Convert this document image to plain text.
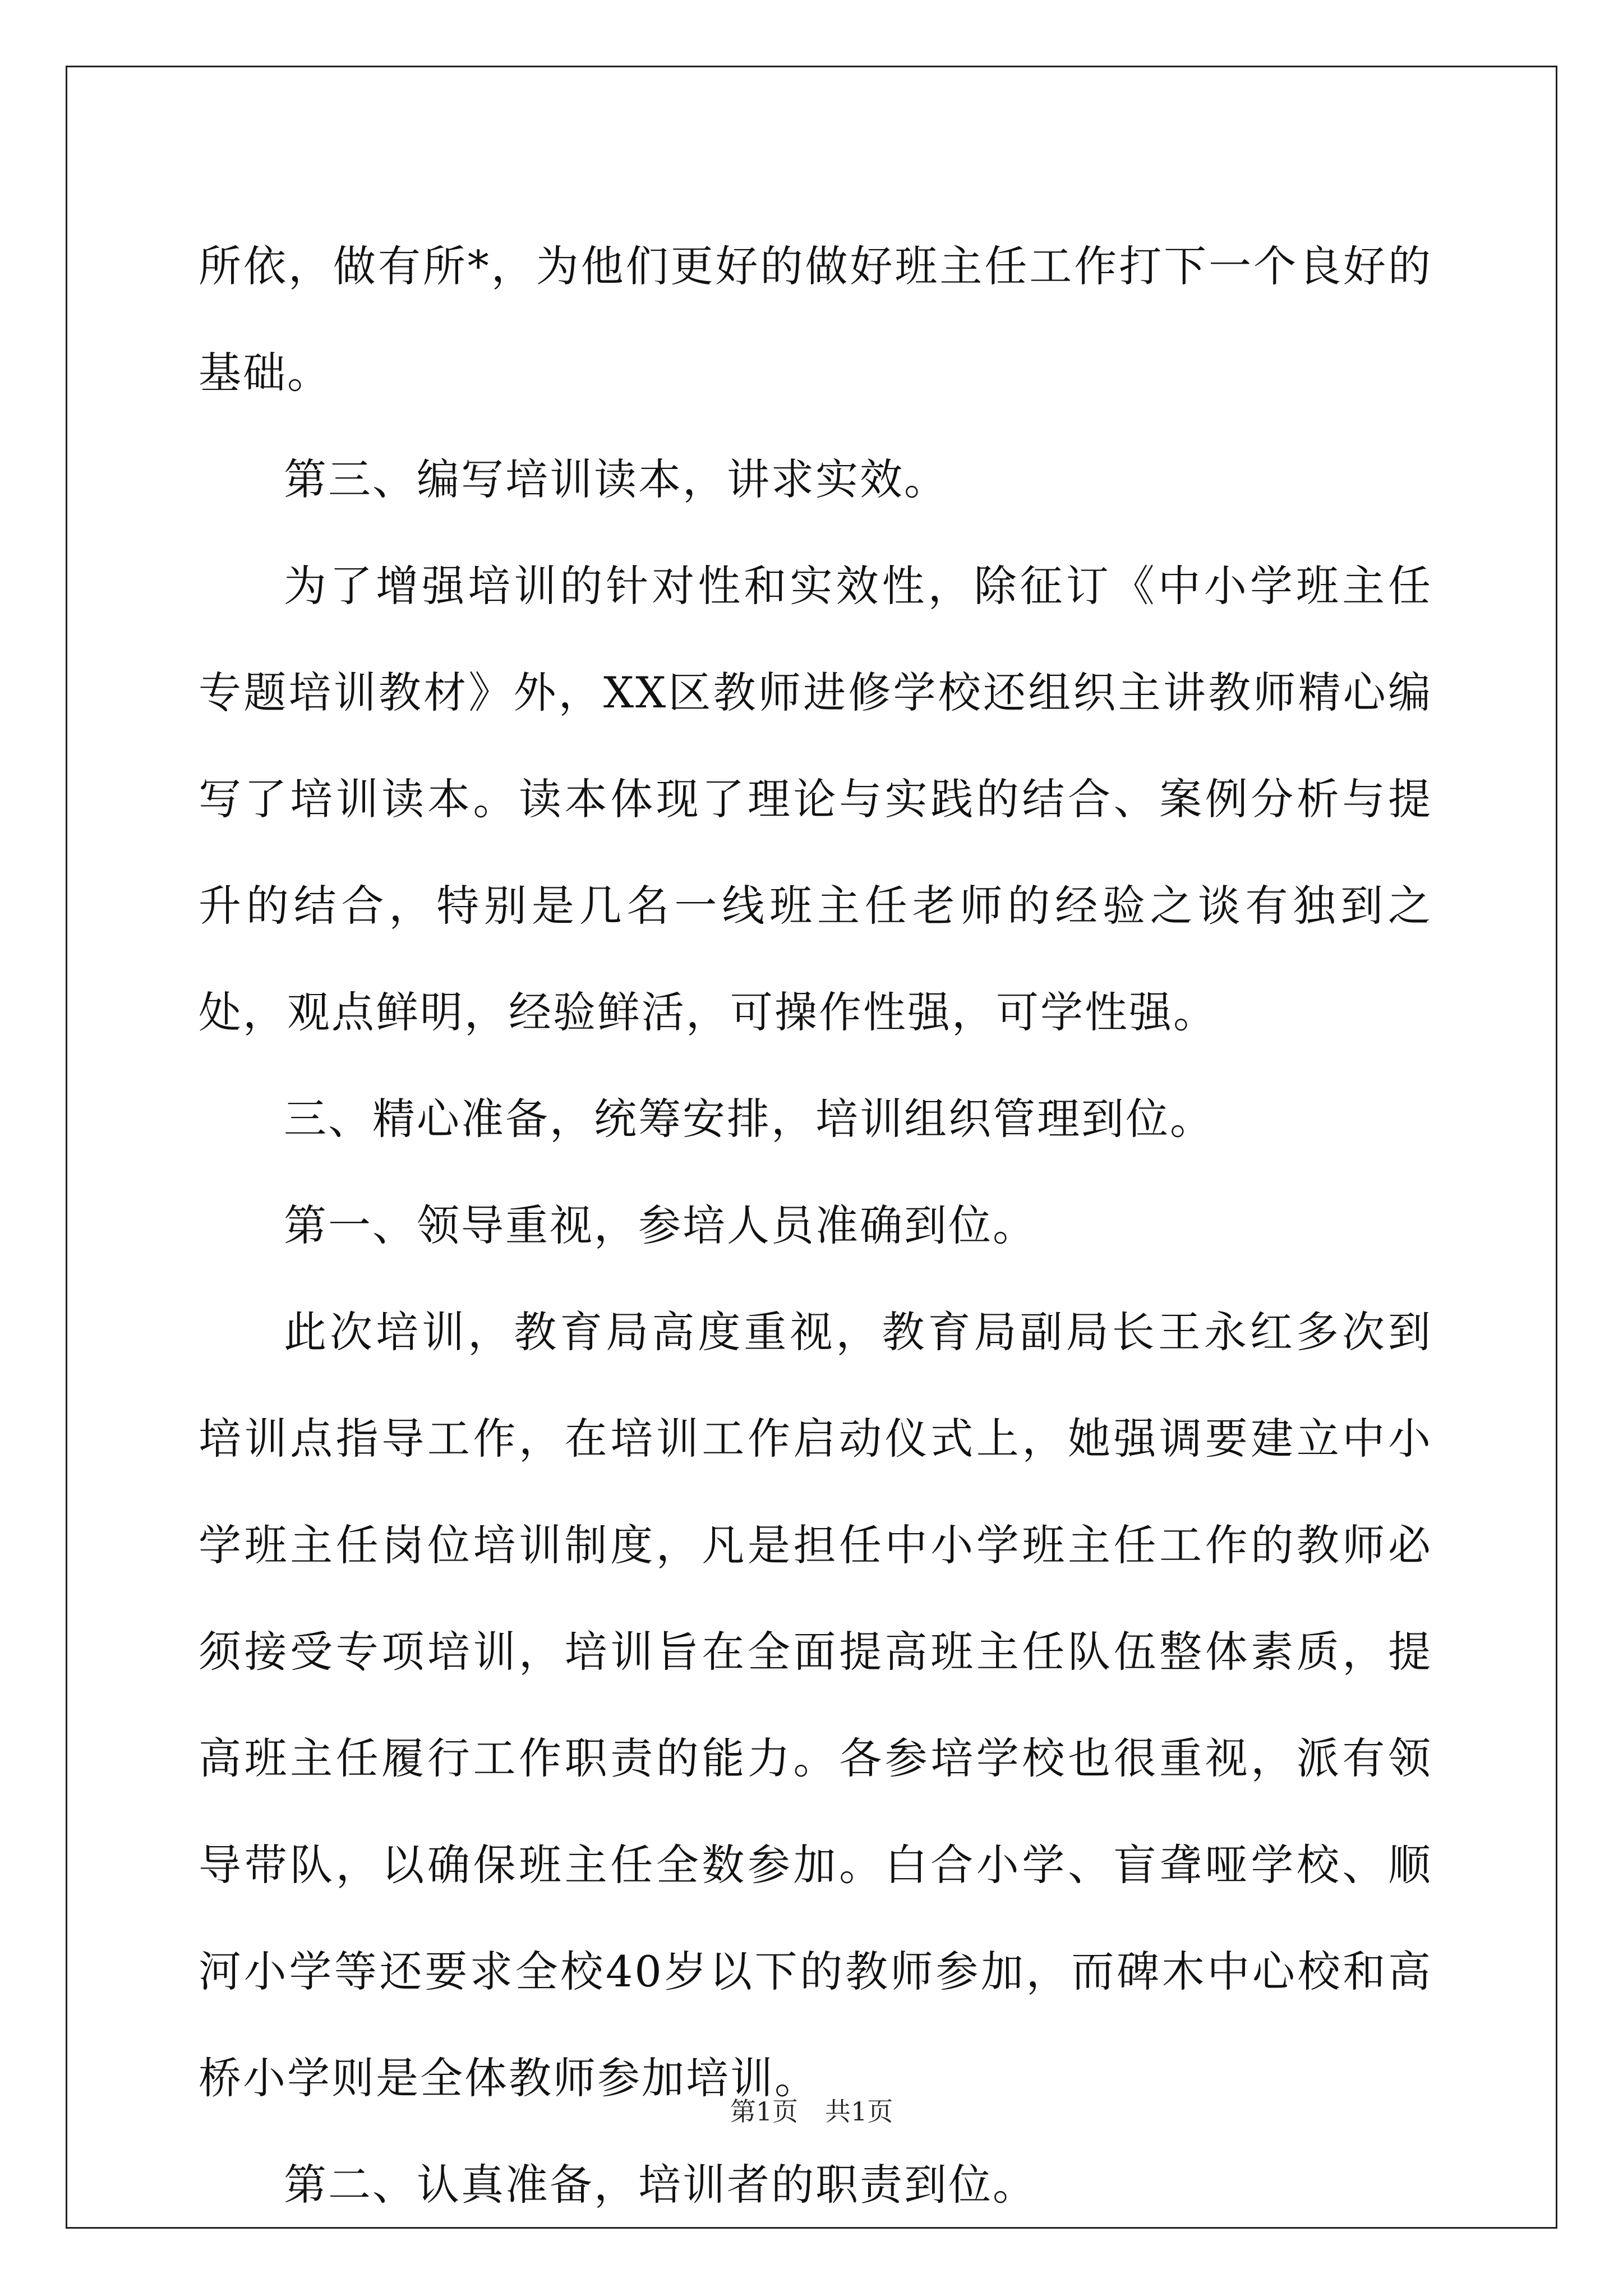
所依，做有所*，为他们更好的做好班主任工作打下一个良好的基础。

第三、编写培训读本，讲求实效。

为了增强培训的针对性和实效性，除征订《中小学班主任专题培训教材》外，XX区教师进修学校还组织主讲教师精心编写了培训读本。读本体现了理论与实践的结合、案例分析与提升的结合，特别是几名一线班主任老师的经验之谈有独到之处，观点鲜明，经验鲜活，可操作性强，可学性强。

三、精心准备，统筹安排，培训组织管理到位。

第一、领导重视，参培人员准确到位。

此次培训，教育局高度重视，教育局副局长王永红多次到培训点指导工作，在培训工作启动仪式上，她强调要建立中小学班主任岗位培训制度，凡是担任中小学班主任工作的教师必须接受专项培训，培训旨在全面提高班主任队伍整体素质，提高班主任履行工作职责的能力。各参培学校也很重视，派有领导带队，以确保班主任全数参加。白合小学、盲聋哑学校、顺河小学等还要求全校40岁以下的教师参加，而碑木中心校和高桥小学则是全体教师参加培训。

第二、认真准备，培训者的职责到位。

第1页 共1页
